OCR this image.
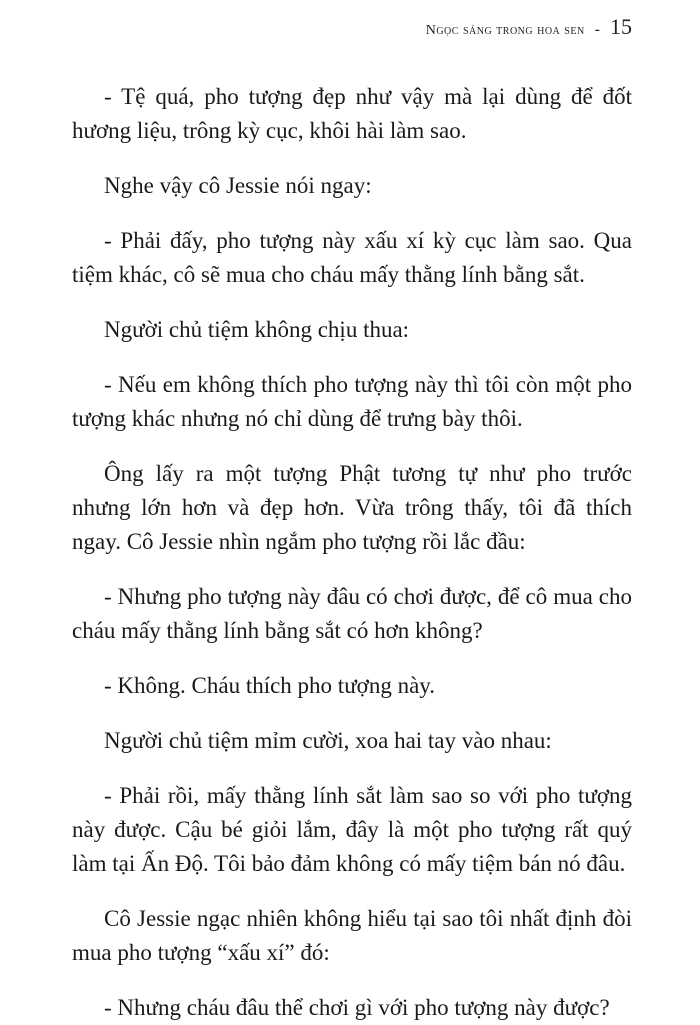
Ngọc sáng trong hoa sen - 15

- Tệ quá, pho tượng đẹp như vậy mà lại dùng để đốt hương liệu, trông kỳ cục, khôi hài làm sao.

Nghe vậy cô Jessie nói ngay:

- Phải đấy, pho tượng này xấu xí kỳ cục làm sao. Qua tiệm khác, cô sẽ mua cho cháu mấy thằng lính bằng sắt.

Người chủ tiệm không chịu thua:

- Nếu em không thích pho tượng này thì tôi còn một pho tượng khác nhưng nó chỉ dùng để trưng bày thôi.

Ông lấy ra một tượng Phật tương tự như pho trước nhưng lớn hơn và đẹp hơn. Vừa trông thấy, tôi đã thích ngay. Cô Jessie nhìn ngắm pho tượng rồi lắc đầu:

- Nhưng pho tượng này đâu có chơi được, để cô mua cho cháu mấy thằng lính bằng sắt có hơn không?

- Không. Cháu thích pho tượng này.

Người chủ tiệm mỉm cười, xoa hai tay vào nhau:

- Phải rồi, mấy thằng lính sắt làm sao so với pho tượng này được. Cậu bé giỏi lắm, đây là một pho tượng rất quý làm tại Ấn Độ. Tôi bảo đảm không có mấy tiệm bán nó đâu.

Cô Jessie ngạc nhiên không hiểu tại sao tôi nhất định đòi mua pho tượng “xấu xí” đó:

- Nhưng cháu đâu thể chơi gì với pho tượng này được?
